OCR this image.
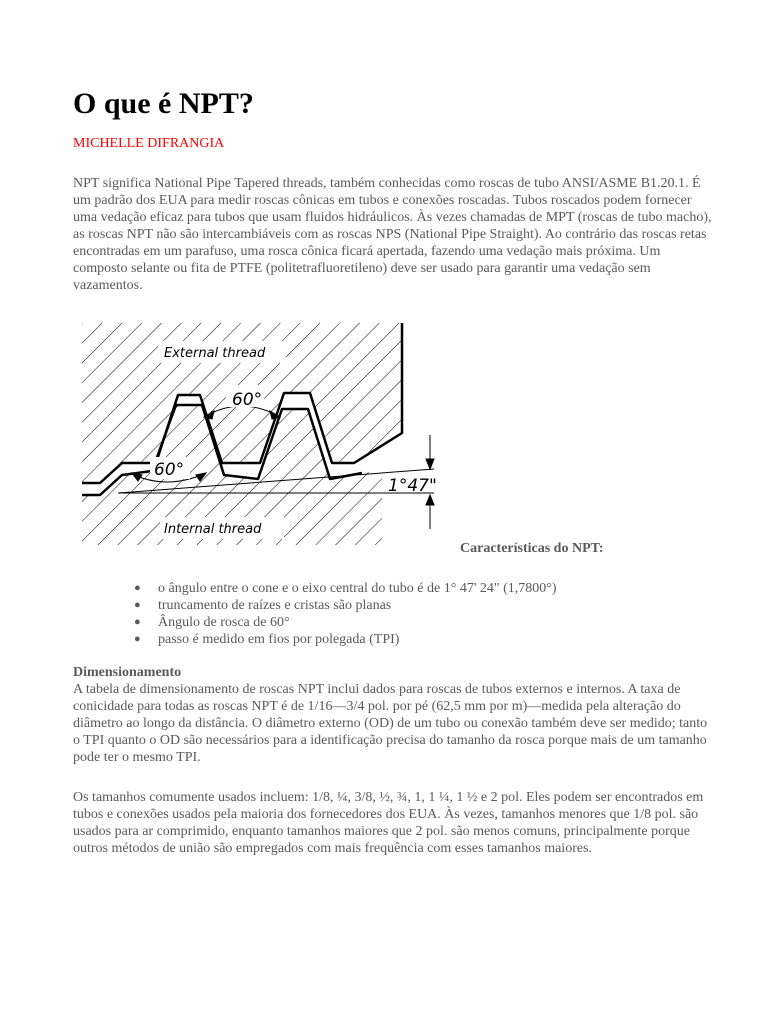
O que é NPT?
MICHELLE DIFRANGIA

NPT significa National Pipe Tapered threads, também conhecidas como roscas de tubo ANSI/ASME B1.20.1. É um padrão dos EUA para medir roscas cônicas em tubos e conexões roscadas. Tubos roscados podem fornecer uma vedação eficaz para tubos que usam fluidos hidráulicos. Às vezes chamadas de MPT (roscas de tubo macho), as roscas NPT não são intercambiáveis com as roscas NPS (National Pipe Straight). Ao contrário das roscas retas encontradas em um parafuso, uma rosca cônica ficará apertada, fazendo uma vedação mais próxima. Um composto selante ou fita de PTFE (politetrafluoretileno) deve ser usado para garantir uma vedação sem vazamentos.

External thread
Internal thread
60°
60°
1°47"
Características do NPT:
● o ângulo entre o cone e o eixo central do tubo é de 1° 47' 24" (1,7800°)
● truncamento de raízes e cristas são planas
● Ângulo de rosca de 60°
● passo é medido em fios por polegada (TPI)
Dimensionamento

A tabela de dimensionamento de roscas NPT inclui dados para roscas de tubos externos e internos. A taxa de conicidade para todas as roscas NPT é de 1/16—3/4 pol. por pé (62,5 mm por m)—medida pela alteração do diâmetro ao longo da distância. O diâmetro externo (OD) de um tubo ou conexão também deve ser medido; tanto o TPI quanto o OD são necessários para a identificação precisa do tamanho da rosca porque mais de um tamanho pode ter o mesmo TPI.

Os tamanhos comumente usados incluem: 1/8, ¼, 3/8, ½, ¾, 1, 1 ¼, 1 ½ e 2 pol. Eles podem ser encontrados em tubos e conexões usados pela maioria dos fornecedores dos EUA. Às vezes, tamanhos menores que 1/8 pol. são usados para ar comprimido, enquanto tamanhos maiores que 2 pol. são menos comuns, principalmente porque outros métodos de união são empregados com mais frequência com esses tamanhos maiores.
